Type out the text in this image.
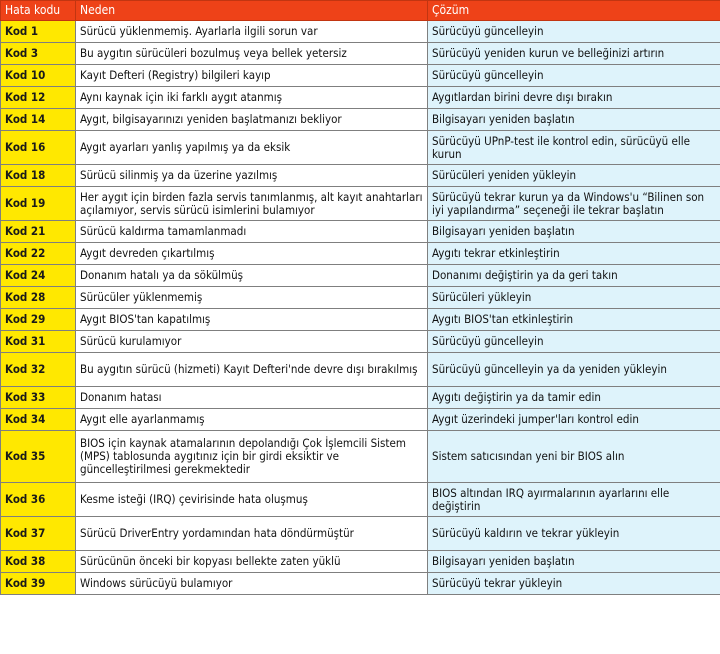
Hata kodu	Neden	Çözüm
Kod 1	Sürücü yüklenmemiş. Ayarlarla ilgili sorun var	Sürücüyü güncelleyin
Kod 3	Bu aygıtın sürücüleri bozulmuş veya bellek yetersiz	Sürücüyü yeniden kurun ve belleğinizi artırın
Kod 10	Kayıt Defteri (Registry) bilgileri kayıp	Sürücüyü güncelleyin
Kod 12	Aynı kaynak için iki farklı aygıt atanmış	Aygıtlardan birini devre dışı bırakın
Kod 14	Aygıt, bilgisayarınızı yeniden başlatmanızı bekliyor	Bilgisayarı yeniden başlatın
Kod 16	Aygıt ayarları yanlış yapılmış ya da eksik	Sürücüyü UPnP-test ile kontrol edin, sürücüyü elle kurun
Kod 18	Sürücü silinmiş ya da üzerine yazılmış	Sürücüleri yeniden yükleyin
Kod 19	Her aygıt için birden fazla servis tanımlanmış, alt kayıt anahtarları açılamıyor, servis sürücü isimlerini bulamıyor	Sürücüyü tekrar kurun ya da Windows'u “Bilinen son iyi yapılandırma” seçeneği ile tekrar başlatın
Kod 21	Sürücü kaldırma tamamlanmadı	Bilgisayarı yeniden başlatın
Kod 22	Aygıt devreden çıkartılmış	Aygıtı tekrar etkinleştirin
Kod 24	Donanım hatalı ya da sökülmüş	Donanımı değiştirin ya da geri takın
Kod 28	Sürücüler yüklenmemiş	Sürücüleri yükleyin
Kod 29	Aygıt BIOS'tan kapatılmış	Aygıtı BIOS'tan etkinleştirin
Kod 31	Sürücü kurulamıyor	Sürücüyü güncelleyin
Kod 32	Bu aygıtın sürücü (hizmeti) Kayıt Defteri'nde devre dışı bırakılmış	Sürücüyü güncelleyin ya da yeniden yükleyin
Kod 33	Donanım hatası	Aygıtı değiştirin ya da tamir edin
Kod 34	Aygıt elle ayarlanmamış	Aygıt üzerindeki jumper'ları kontrol edin
Kod 35	BIOS için kaynak atamalarının depolandığı Çok İşlemcili Sistem (MPS) tablosunda aygıtınız için bir girdi eksiktir ve güncelleştirilmesi gerekmektedir	Sistem satıcısından yeni bir BIOS alın
Kod 36	Kesme isteği (IRQ) çevirisinde hata oluşmuş	BIOS altından IRQ ayırmalarının ayarlarını elle değiştirin
Kod 37	Sürücü DriverEntry yordamından hata döndürmüştür	Sürücüyü kaldırın ve tekrar yükleyin
Kod 38	Sürücünün önceki bir kopyası bellekte zaten yüklü	Bilgisayarı yeniden başlatın
Kod 39	Windows sürücüyü bulamıyor	Sürücüyü tekrar yükleyin
